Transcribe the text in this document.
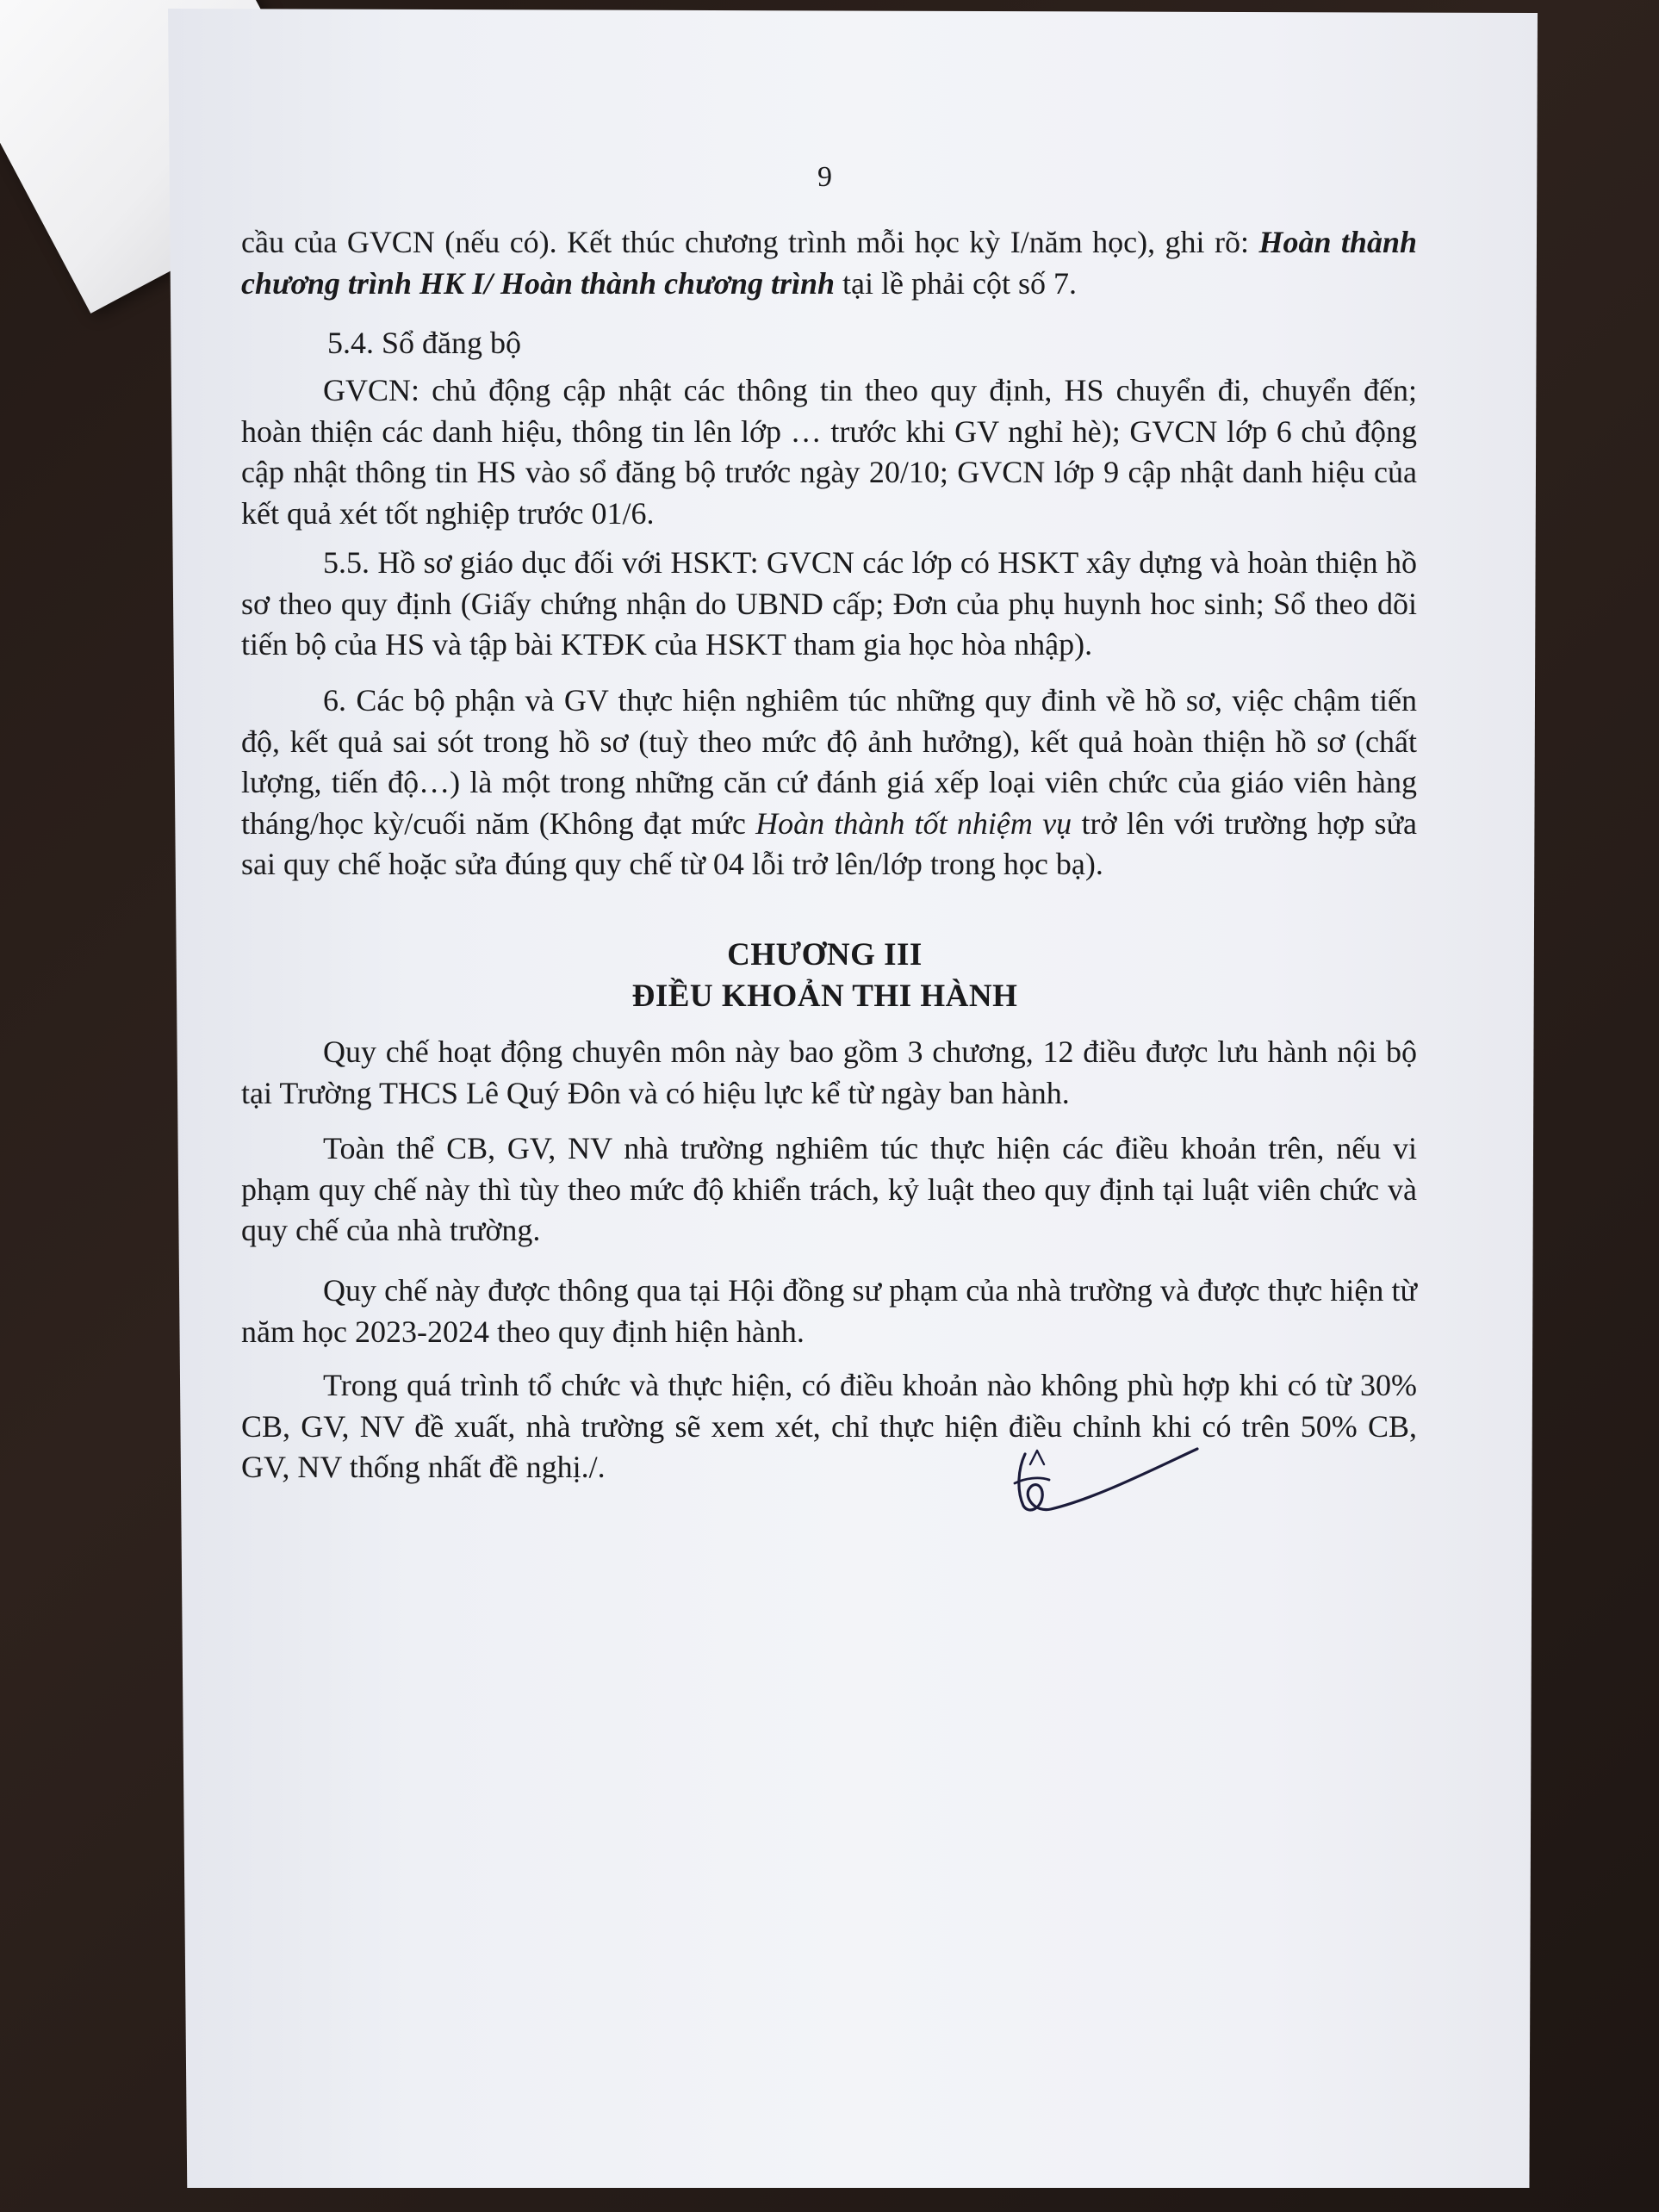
9

cầu của GVCN (nếu có). Kết thúc chương trình mỗi học kỳ I/năm học), ghi rõ: Hoàn thành chương trình HK I/ Hoàn thành chương trình tại lề phải cột số 7.

5.4. Sổ đăng bộ

GVCN: chủ động cập nhật các thông tin theo quy định, HS chuyển đi, chuyển đến; hoàn thiện các danh hiệu, thông tin lên lớp … trước khi GV nghỉ hè); GVCN lớp 6 chủ động cập nhật thông tin HS vào sổ đăng bộ trước ngày 20/10; GVCN lớp 9 cập nhật danh hiệu của kết quả xét tốt nghiệp trước 01/6.

5.5. Hồ sơ giáo dục đối với HSKT: GVCN các lớp có HSKT xây dựng và hoàn thiện hồ sơ theo quy định (Giấy chứng nhận do UBND cấp; Đơn của phụ huynh hoc sinh; Sổ theo dõi tiến bộ của HS và tập bài KTĐK của HSKT tham gia học hòa nhập).

6. Các bộ phận và GV thực hiện nghiêm túc những quy đinh về hồ sơ, việc chậm tiến độ, kết quả sai sót trong hồ sơ (tuỳ theo mức độ ảnh hưởng), kết quả hoàn thiện hồ sơ (chất lượng, tiến độ…) là một trong những căn cứ đánh giá xếp loại viên chức của giáo viên hàng tháng/học kỳ/cuối năm (Không đạt mức Hoàn thành tốt nhiệm vụ trở lên với trường hợp sửa sai quy chế hoặc sửa đúng quy chế từ 04 lỗi trở lên/lớp trong học bạ).

CHƯƠNG III
ĐIỀU KHOẢN THI HÀNH

Quy chế hoạt động chuyên môn này bao gồm 3 chương, 12 điều được lưu hành nội bộ tại Trường THCS Lê Quý Đôn và có hiệu lực kể từ ngày ban hành.

Toàn thể CB, GV, NV nhà trường nghiêm túc thực hiện các điều khoản trên, nếu vi phạm quy chế này thì tùy theo mức độ khiển trách, kỷ luật theo quy định tại luật viên chức và quy chế của nhà trường.

Quy chế này được thông qua tại Hội đồng sư phạm của nhà trường và được thực hiện từ năm học 2023-2024 theo quy định hiện hành.

Trong quá trình tổ chức và thực hiện, có điều khoản nào không phù hợp khi có từ 30% CB, GV, NV đề xuất, nhà trường sẽ xem xét, chỉ thực hiện điều chỉnh khi có trên 50% CB, GV, NV thống nhất đề nghị./.
